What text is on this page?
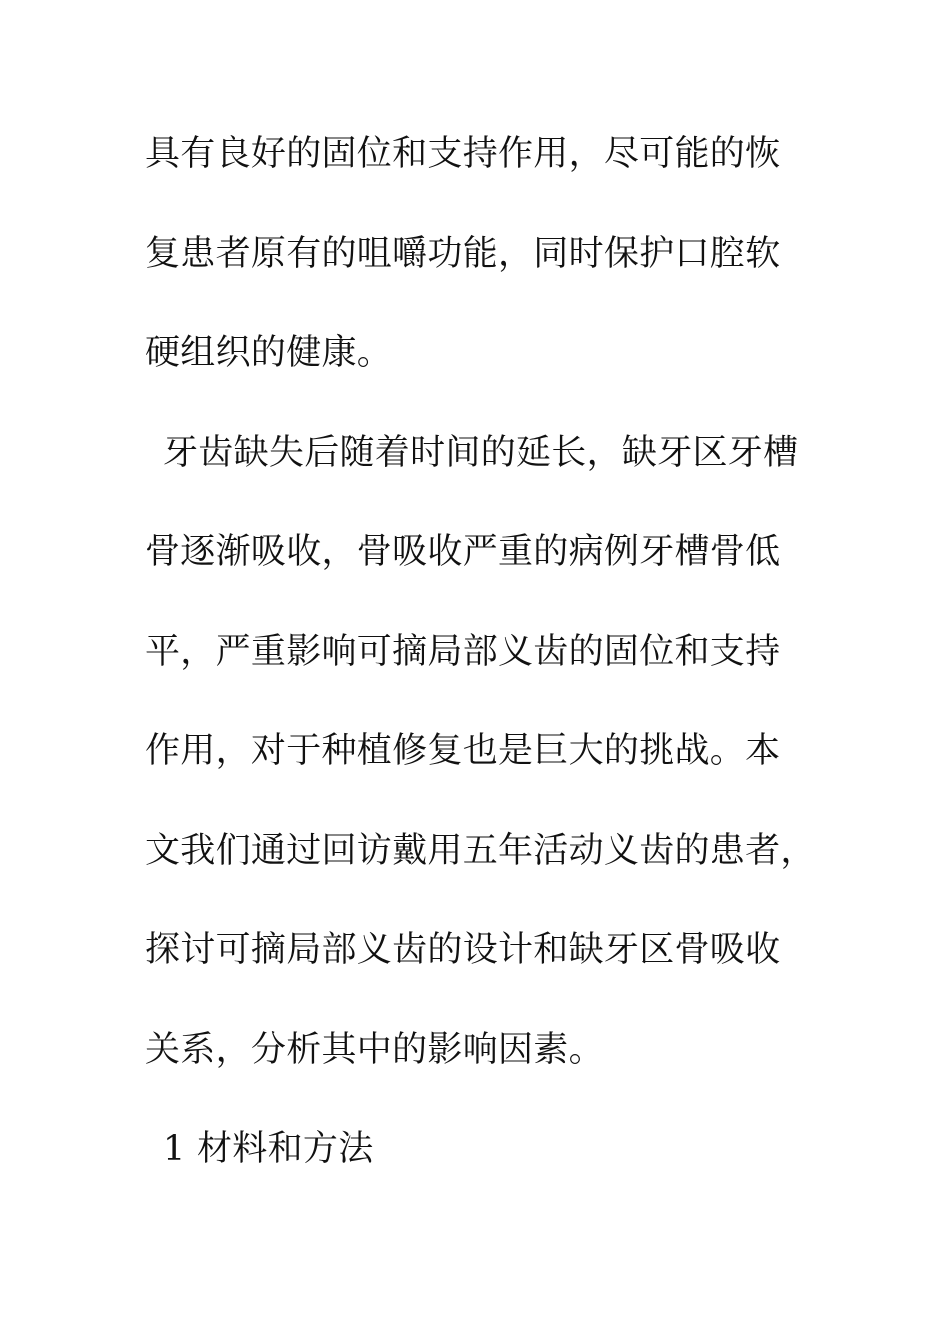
具有良好的固位和支持作用，尽可能的恢
复患者原有的咀嚼功能，同时保护口腔软
硬组织的健康。
牙齿缺失后随着时间的延长，缺牙区牙槽
骨逐渐吸收，骨吸收严重的病例牙槽骨低
平，严重影响可摘局部义齿的固位和支持
作用，对于种植修复也是巨大的挑战。本
文我们通过回访戴用五年活动义齿的患者，
探讨可摘局部义齿的设计和缺牙区骨吸收
关系，分析其中的影响因素。
1 材料和方法
